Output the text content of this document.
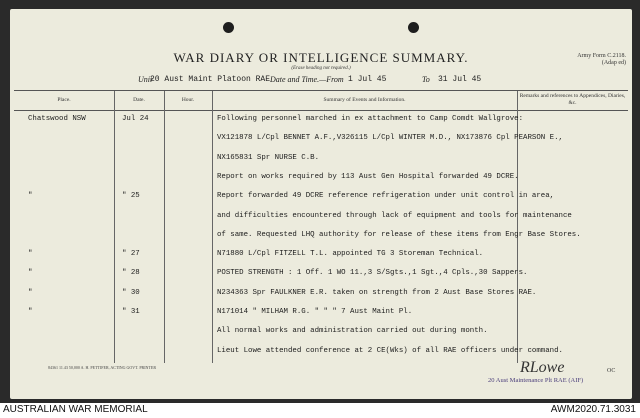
WAR DIARY OR INTELLIGENCE SUMMARY.
(Erase heading not required.)
Army Form C.2118.
(Adap ed)
Unit
20 Aust Maint Platoon RAE Date and Time.—From 1 Jul 45	To 31 Jul 45
Place.	Date.	Hour.	Summary of Events and Information.
Remarks and references to Appendices, Diaries, &c.
Chatswood NSW	Jul 24	Following personnel marched in ex attachment to Camp Comdt Wallgrove:
VX121878 L/Cpl BENNET A.F.,V326115 L/Cpl WINTER M.D., NX173876 Cpl PEARSON E.,
NX165831 Spr NURSE C.B.
Report on works required by 113 Aust Gen Hospital forwarded 49 DCRE.
"	" 25	Report forwarded 49 DCRE reference refrigeration under unit control in area,
and difficulties encountered through lack of equipment and tools for maintenance
of same. Requested LHQ authority for release of these items from Engr Base Stores.
"	" 27	N71880 L/Cpl FITZELL T.L. appointed TG 3 Storeman Technical.
"	" 28	POSTED STRENGTH : 1 Off. 1 WO 11.,3 S/Sgts.,1 Sgt.,4 Cpls.,30 Sappers.
"	" 30	N234363 Spr FAULKNER E.R. taken on strength from 2 Aust Base Stores RAE.
"	" 31	N171014 " MILHAM R.G. " " " 7 Aust Maint Pl.
All normal works and administration carried out during month.
Lieut Lowe attended conference at 2 CE(Wks) of all RAE officers under command.
84361 11.43 50,000 A. H. PETTIFER, ACTING GOVT. PRINTER	RLowe	OC
20 Aust Maintenance Plt RAE (AIF)
AUSTRALIAN WAR MEMORIAL	AWM2020.71.3031
